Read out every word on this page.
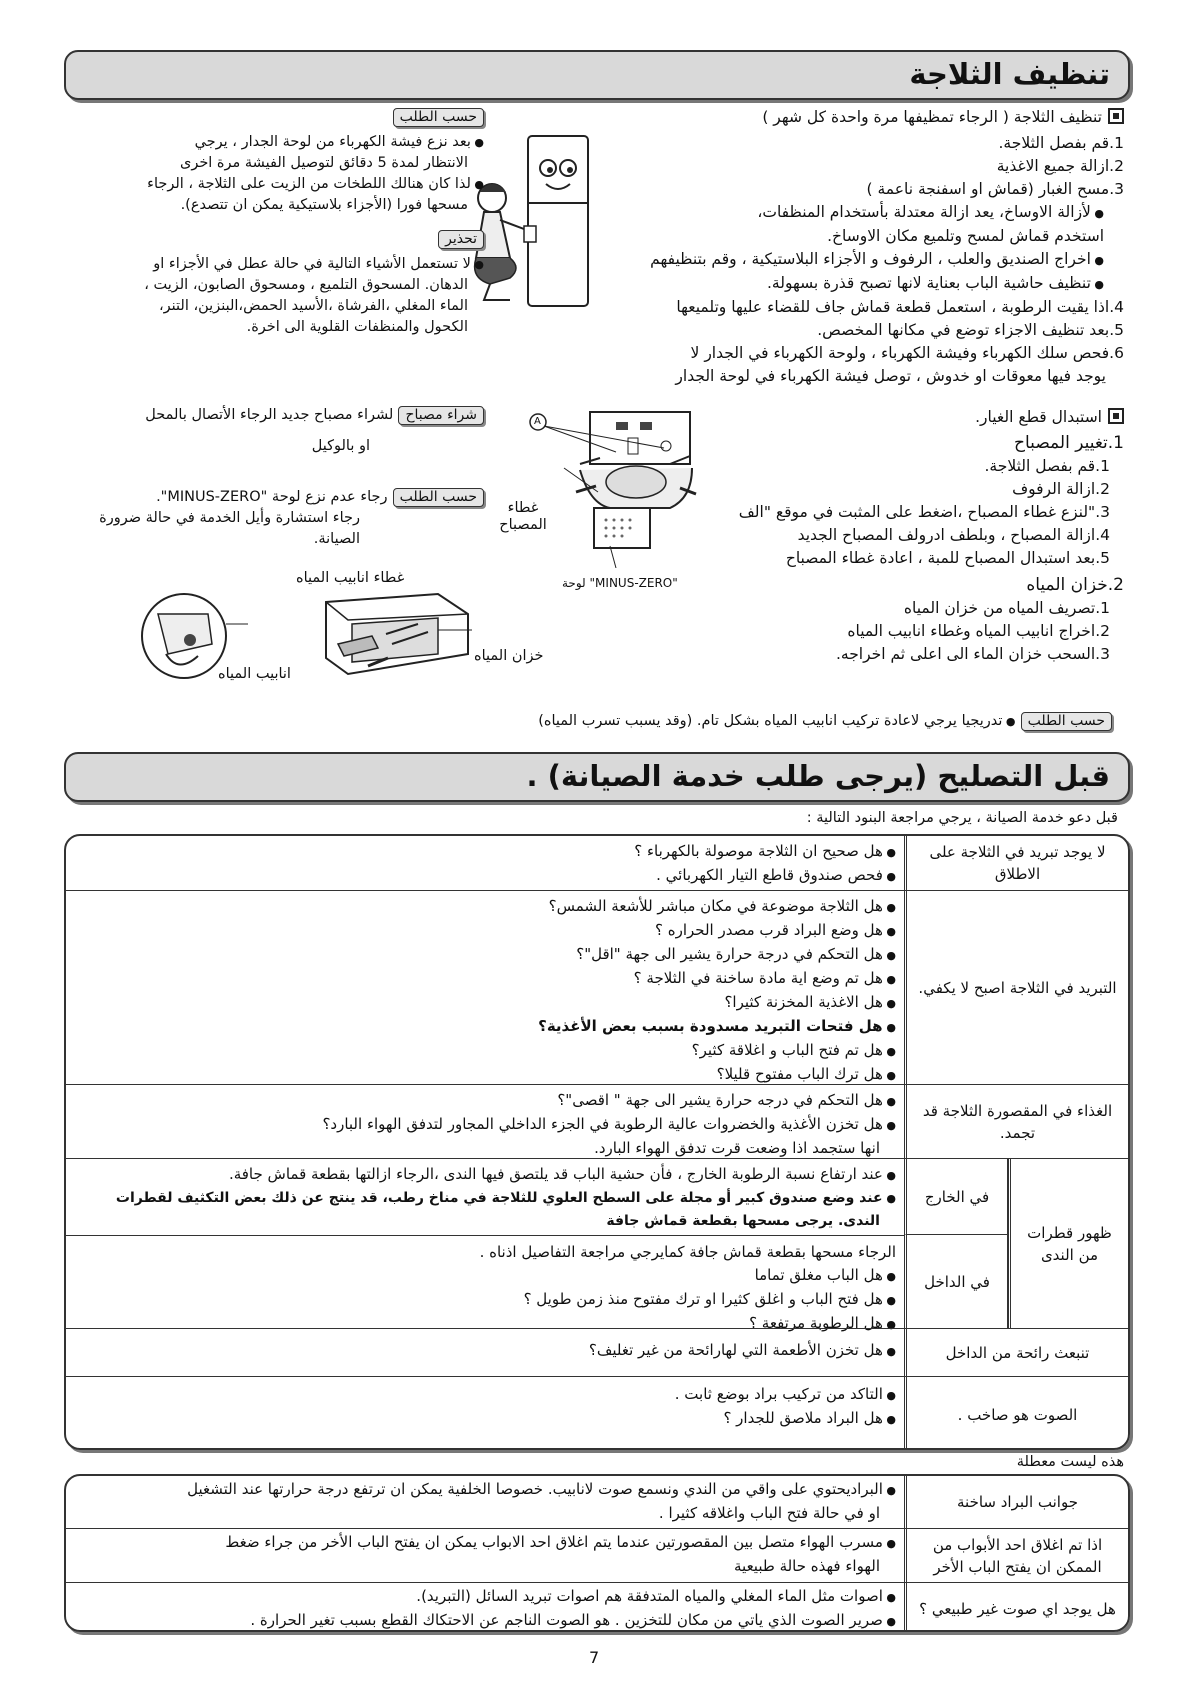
تنظيف الثلاجة
تنظيف الثلاجة ( الرجاء تمظيفها مرة واحدة كل شهر )
1.قم بفصل الثلاجة.
2.ازالة جميع الاغذية
3.مسح الغبار (قماش او اسفنجة ناعمة )
● لأزالة الاوساخ، يعد ازالة معتدلة بأستخدام المنظفات،
استخدم قماش لمسح وتلميع مكان الاوساخ.
● اخراج الصنديق والعلب ، الرفوف و الأجزاء البلاستيكية ، وقم بتنظيفهم
● تنظيف حاشية الباب بعناية لانها تصبح قذرة بسهولة.
4.اذا يقيت الرطوبة ، استعمل قطعة قماش جاف للقضاء عليها وتلميعها
5.بعد تنظيف الاجزاء توضع في مكانها المخصص.
6.فحص سلك الكهرباء وفيشة الكهرباء ، ولوحة الكهرباء في الجدار لا
يوجد فيها معوقات او خدوش ، توصل فيشة الكهرباء في لوحة الجدار
حسب الطلب
● بعد نزع فيشة الكهرباء من لوحة الجدار ، يرجي
الانتظار لمدة 5 دقائق لتوصيل الفيشة مرة اخرى
● لذا كان هنالك اللطخات من الزيت على الثلاجة ، الرجاء
مسحها فورا (الأجزاء بلاستيكية يمكن ان تتصدع).
تحذير
● لا تستعمل الأشياء التالية في حالة عطل في الأجزاء او
الدهان. المسحوق التلميع ، ومسحوق الصابون، الزيت ،
الماء المغلي ،الفرشاة ،الأسيد الحمض،البنزين، التنر،
الكحول والمنظفات القلوية الى اخرة.
استبدال قطع الغيار.
1.تغيير المصباح
1.قم بفصل الثلاجة.
2.ازالة الرفوف
3."لنزع غطاء المصباح ،اضغط على المثبت في موقع "الف
4.ازالة المصباح ، وبلطف ادرولف المصباح الجديد
5.بعد استبدال المصباح للمبة ، اعادة غطاء المصباح
2.خزان المياه
1.تصريف المياه من خزان المياه
2.اخراج انابيب المياه وغطاء انابيب المياه
3.السحب خزان الماء الى اعلى ثم اخراجه.
A
غطاء المصباح
"MINUS-ZERO" لوحة
شراء مصباح لشراء مصباح جديد الرجاء الأتصال بالمحل
او بالوكيل
حسب الطلب رجاء عدم نزع لوحة "MINUS-ZERO".
رجاء استشارة وأيل الخدمة في حالة ضرورة
الصيانة.
غطاء انابيب المياه
خزان المياه
انابيب المياه
حسب الطلب ● تدريجيا يرجي لاعادة تركيب انابيب المياه بشكل تام. (وقد يسبب تسرب المياه)
قبل التصليح (يرجى طلب خدمة الصيانة) .
قبل دعو خدمة الصيانة ، يرجي مراجعة البنود التالية :
لا يوجد تبريد في الثلاجة على الاطلاق
● هل صحيح ان الثلاجة موصولة بالكهرباء ؟
● فحص صندوق قاطع التيار الكهربائي .
التبريد في الثلاجة اصبح لا يكفي.
● هل الثلاجة موضوعة في مكان مباشر للأشعة الشمس؟
● هل وضع البراد قرب مصدر الحراره ؟
● هل التحكم في درجة حرارة يشير الى جهة "اقل"؟
● هل تم وضع اية مادة ساخنة في الثلاجة ؟
● هل الاغذية المخزنة كثيرا؟
● هل فتحات التبريد مسدودة بسبب بعض الأغذية؟
● هل تم فتح الباب و اغلاقة كثير؟
● هل ترك الباب مفتوح قليلا؟
الغذاء في المقصورة الثلاجة قد تجمد.
● هل التحكم في درجه حرارة يشير الى جهة " اقصى"؟
● هل تخزن الأغذية والخضروات عالية الرطوبة في الجزء الداخلي المجاور لتدفق الهواء البارد؟
انها ستجمد اذا وضعت قرت تدفق الهواء البارد.
ظهور قطرات من الندى
في الخارج
في الداخل
● عند ارتفاع نسبة الرطوبة الخارج ، فأن حشية الباب قد يلتصق فيها الندى ،الرجاء ازالتها بقطعة قماش جافة.
● عند وضع صندوق كبير أو مجلة على السطح العلوي للثلاجة في مناخ رطب، قد ينتج عن ذلك بعض التكثيف لقطرات
الندى. يرجى مسحها بقطعة قماش جافة
الرجاء مسحها بقطعة قماش جافة كمايرجي مراجعة التفاصيل اذناه .
● هل الباب مغلق تماما
● هل فتح الباب و اغلق كثيرا او ترك مفتوح منذ زمن طويل ؟
● هل الرطوبة مرتفعة ؟
تنبعث رائحة من الداخل
● هل تخزن الأطعمة التي لهارائحة من غير تغليف؟
الصوت هو صاخب .
● التاكد من تركيب براد بوضع ثابت .
● هل البراد ملاصق للجدار ؟
هذه ليست معطلة
جوانب البراد ساخنة
● البراديحتوي على واقي من الندي ونسمع صوت لانابيب. خصوصا الخلفية يمكن ان ترتفع درجة حرارتها عند التشغيل
او في حالة فتح الباب واغلاقه كثيرا .
اذا تم اغلاق احد الأبواب من الممكن ان يفتح الباب الأخر
● مسرب الهواء متصل بين المقصورتين عندما يتم اغلاق احد الابواب يمكن ان يفتح الباب الأخر من جراء ضغط
الهواء فهذه حالة طبيعية
هل يوجد اي صوت غير طبيعي ؟
● اصوات مثل الماء المغلي والمياه المتدفقة هم اصوات تبريد السائل (التبريد).
● صرير الصوت الذي ياتي من مكان للتخزين . هو الصوت الناجم عن الاحتكاك القطع بسبب تغير الحرارة .
7
